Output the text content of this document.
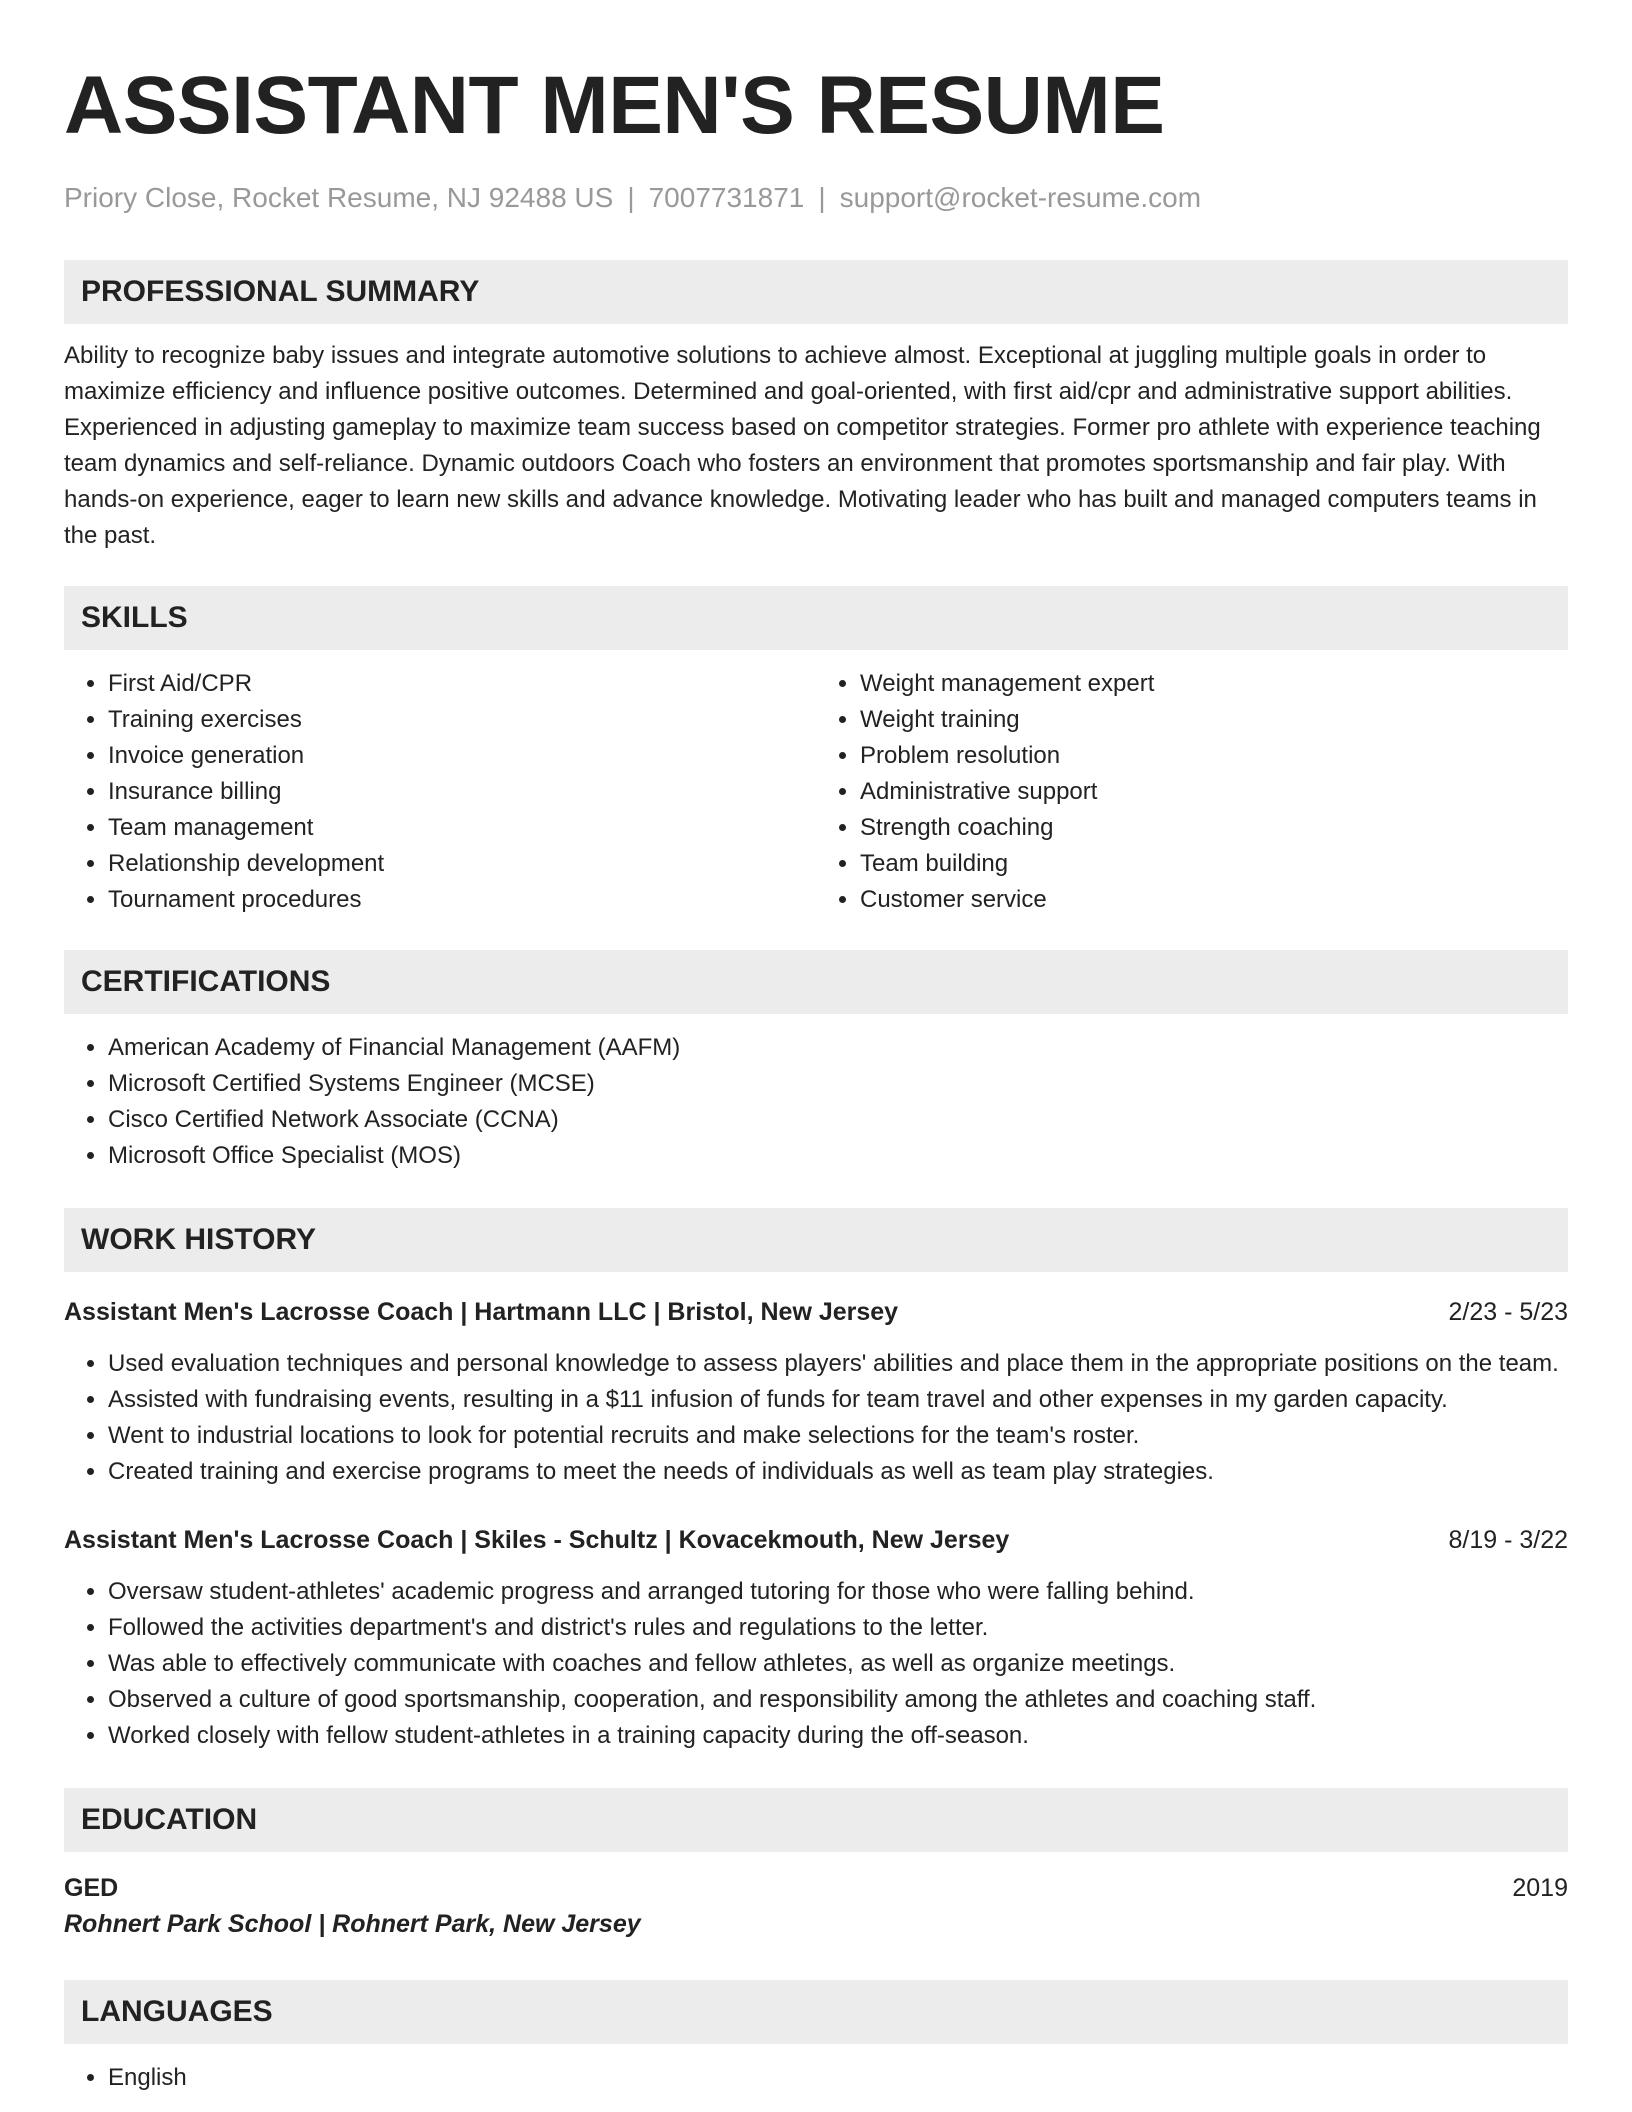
ASSISTANT MEN'S RESUME
Priory Close, Rocket Resume, NJ 92488 US | 7007731871 | support@rocket-resume.com
PROFESSIONAL SUMMARY

Ability to recognize baby issues and integrate automotive solutions to achieve almost. Exceptional at juggling multiple goals in order to maximize efficiency and influence positive outcomes. Determined and goal-oriented, with first aid/cpr and administrative support abilities. Experienced in adjusting gameplay to maximize team success based on competitor strategies. Former pro athlete with experience teaching team dynamics and self-reliance. Dynamic outdoors Coach who fosters an environment that promotes sportsmanship and fair play. With hands-on experience, eager to learn new skills and advance knowledge. Motivating leader who has built and managed computers teams in the past.

SKILLS
• First Aid/CPR
• Training exercises
• Invoice generation
• Insurance billing
• Team management
• Relationship development
• Tournament procedures
• Weight management expert
• Weight training
• Problem resolution
• Administrative support
• Strength coaching
• Team building
• Customer service
CERTIFICATIONS
• American Academy of Financial Management (AAFM)
• Microsoft Certified Systems Engineer (MCSE)
• Cisco Certified Network Associate (CCNA)
• Microsoft Office Specialist (MOS)
WORK HISTORY
Assistant Men's Lacrosse Coach | Hartmann LLC | Bristol, New Jersey	2/23 - 5/23
• Used evaluation techniques and personal knowledge to assess players' abilities and place them in the appropriate positions on the team.
• Assisted with fundraising events, resulting in a $11 infusion of funds for team travel and other expenses in my garden capacity.
• Went to industrial locations to look for potential recruits and make selections for the team's roster.
• Created training and exercise programs to meet the needs of individuals as well as team play strategies.
Assistant Men's Lacrosse Coach | Skiles - Schultz | Kovacekmouth, New Jersey	8/19 - 3/22
• Oversaw student-athletes' academic progress and arranged tutoring for those who were falling behind.
• Followed the activities department's and district's rules and regulations to the letter.
• Was able to effectively communicate with coaches and fellow athletes, as well as organize meetings.
• Observed a culture of good sportsmanship, cooperation, and responsibility among the athletes and coaching staff.
• Worked closely with fellow student-athletes in a training capacity during the off-season.
EDUCATION
GED	2019
Rohnert Park School | Rohnert Park, New Jersey
LANGUAGES
• English
